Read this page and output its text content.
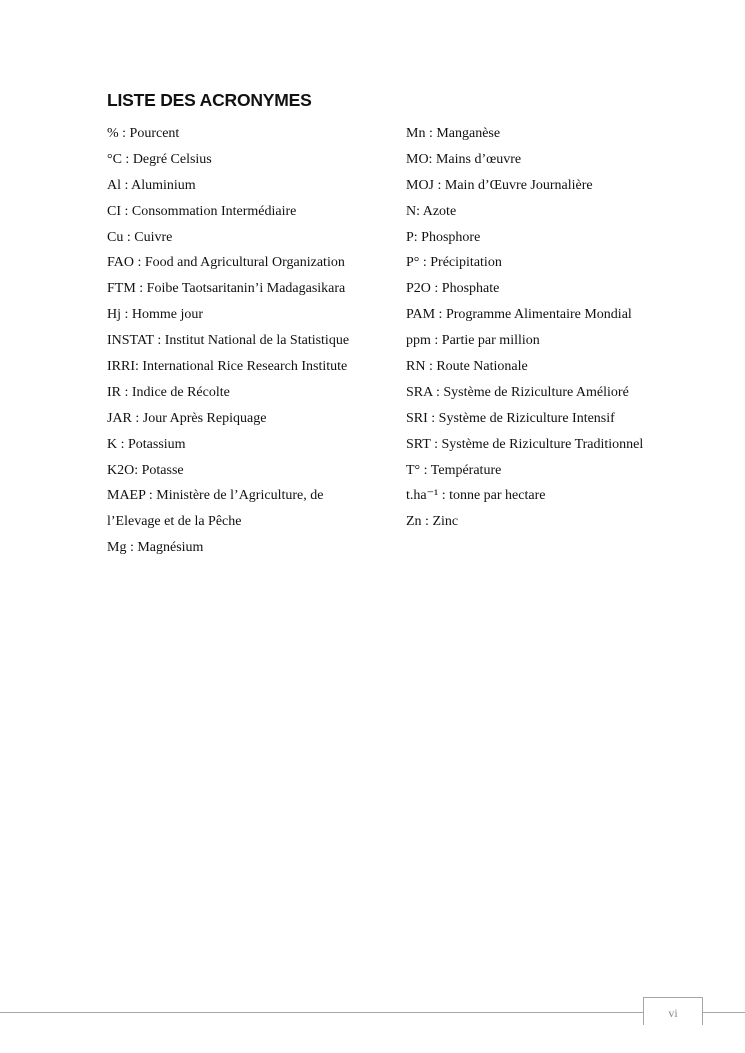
LISTE DES ACRONYMES
% : Pourcent
°C : Degré Celsius
Al : Aluminium
CI : Consommation Intermédiaire
Cu : Cuivre
FAO : Food and Agricultural Organization
FTM : Foibe Taotsaritanin’i Madagasikara
Hj : Homme jour
INSTAT : Institut National de la Statistique
IRRI: International Rice Research Institute
IR : Indice de Récolte
JAR : Jour Après Repiquage
K : Potassium
K2O: Potasse
MAEP : Ministère de l’Agriculture, de
l’Elevage et de la Pêche
Mg : Magnésium
Mn : Manganèse
MO: Mains d’œuvre
MOJ : Main d’Œuvre Journalière
N: Azote
P: Phosphore
P° : Précipitation
P2O : Phosphate
PAM : Programme Alimentaire Mondial
ppm : Partie par million
RN : Route Nationale
SRA : Système de Riziculture Amélioré
SRI : Système de Riziculture Intensif
SRT : Système de Riziculture Traditionnel
T° : Température
t.ha⁻¹ : tonne par hectare
Zn : Zinc
vi
